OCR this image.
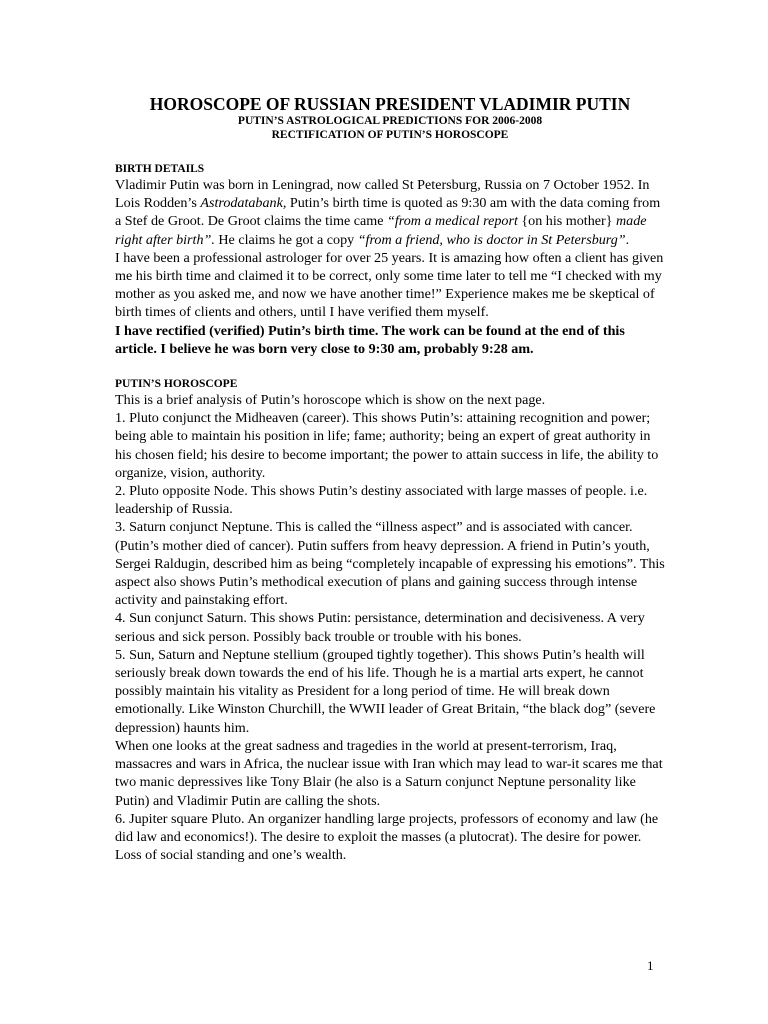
HOROSCOPE OF RUSSIAN PRESIDENT VLADIMIR PUTIN
PUTIN’S ASTROLOGICAL PREDICTIONS FOR 2006-2008
RECTIFICATION OF PUTIN’S HOROSCOPE
BIRTH DETAILS

Vladimir Putin was born in Leningrad, now called St Petersburg, Russia on 7 October 1952. In Lois Rodden’s Astrodatabank, Putin’s birth time is quoted as 9:30 am with the data coming from a Stef de Groot. De Groot claims the time came “from a medical report {on his mother} made right after birth”. He claims he got a copy “from a friend, who is doctor in St Petersburg”.

I have been a professional astrologer for over 25 years. It is amazing how often a client has given me his birth time and claimed it to be correct, only some time later to tell me “I checked with my mother as you asked me, and now we have another time!” Experience makes me be skeptical of birth times of clients and others, until I have verified them myself.

I have rectified (verified) Putin’s birth time. The work can be found at the end of this article. I believe he was born very close to 9:30 am, probably 9:28 am.

PUTIN’S HOROSCOPE

This is a brief analysis of Putin’s horoscope which is show on the next page.

1. Pluto conjunct the Midheaven (career). This shows Putin’s: attaining recognition and power; being able to maintain his position in life; fame; authority; being an expert of great authority in his chosen field; his desire to become important; the power to attain success in life, the ability to organize, vision, authority.

2. Pluto opposite Node. This shows Putin’s destiny associated with large masses of people. i.e. leadership of Russia.

3. Saturn conjunct Neptune. This is called the “illness aspect” and is associated with cancer. (Putin’s mother died of cancer). Putin suffers from heavy depression. A friend in Putin’s youth, Sergei Raldugin, described him as being “completely incapable of expressing his emotions”. This aspect also shows Putin’s methodical execution of plans and gaining success through intense activity and painstaking effort.

4. Sun conjunct Saturn. This shows Putin: persistance, determination and decisiveness. A very serious and sick person. Possibly back trouble or trouble with his bones.

5. Sun, Saturn and Neptune stellium (grouped tightly together). This shows Putin’s health will seriously break down towards the end of his life. Though he is a martial arts expert, he cannot possibly maintain his vitality as President for a long period of time. He will break down emotionally. Like Winston Churchill, the WWII leader of Great Britain, “the black dog” (severe depression) haunts him.

When one looks at the great sadness and tragedies in the world at present-terrorism, Iraq, massacres and wars in Africa, the nuclear issue with Iran which may lead to war-it scares me that two manic depressives like Tony Blair (he also is a Saturn conjunct Neptune personality like Putin) and Vladimir Putin are calling the shots.

6. Jupiter square Pluto. An organizer handling large projects, professors of economy and law (he did law and economics!). The desire to exploit the masses (a plutocrat). The desire for power. Loss of social standing and one’s wealth.

1
